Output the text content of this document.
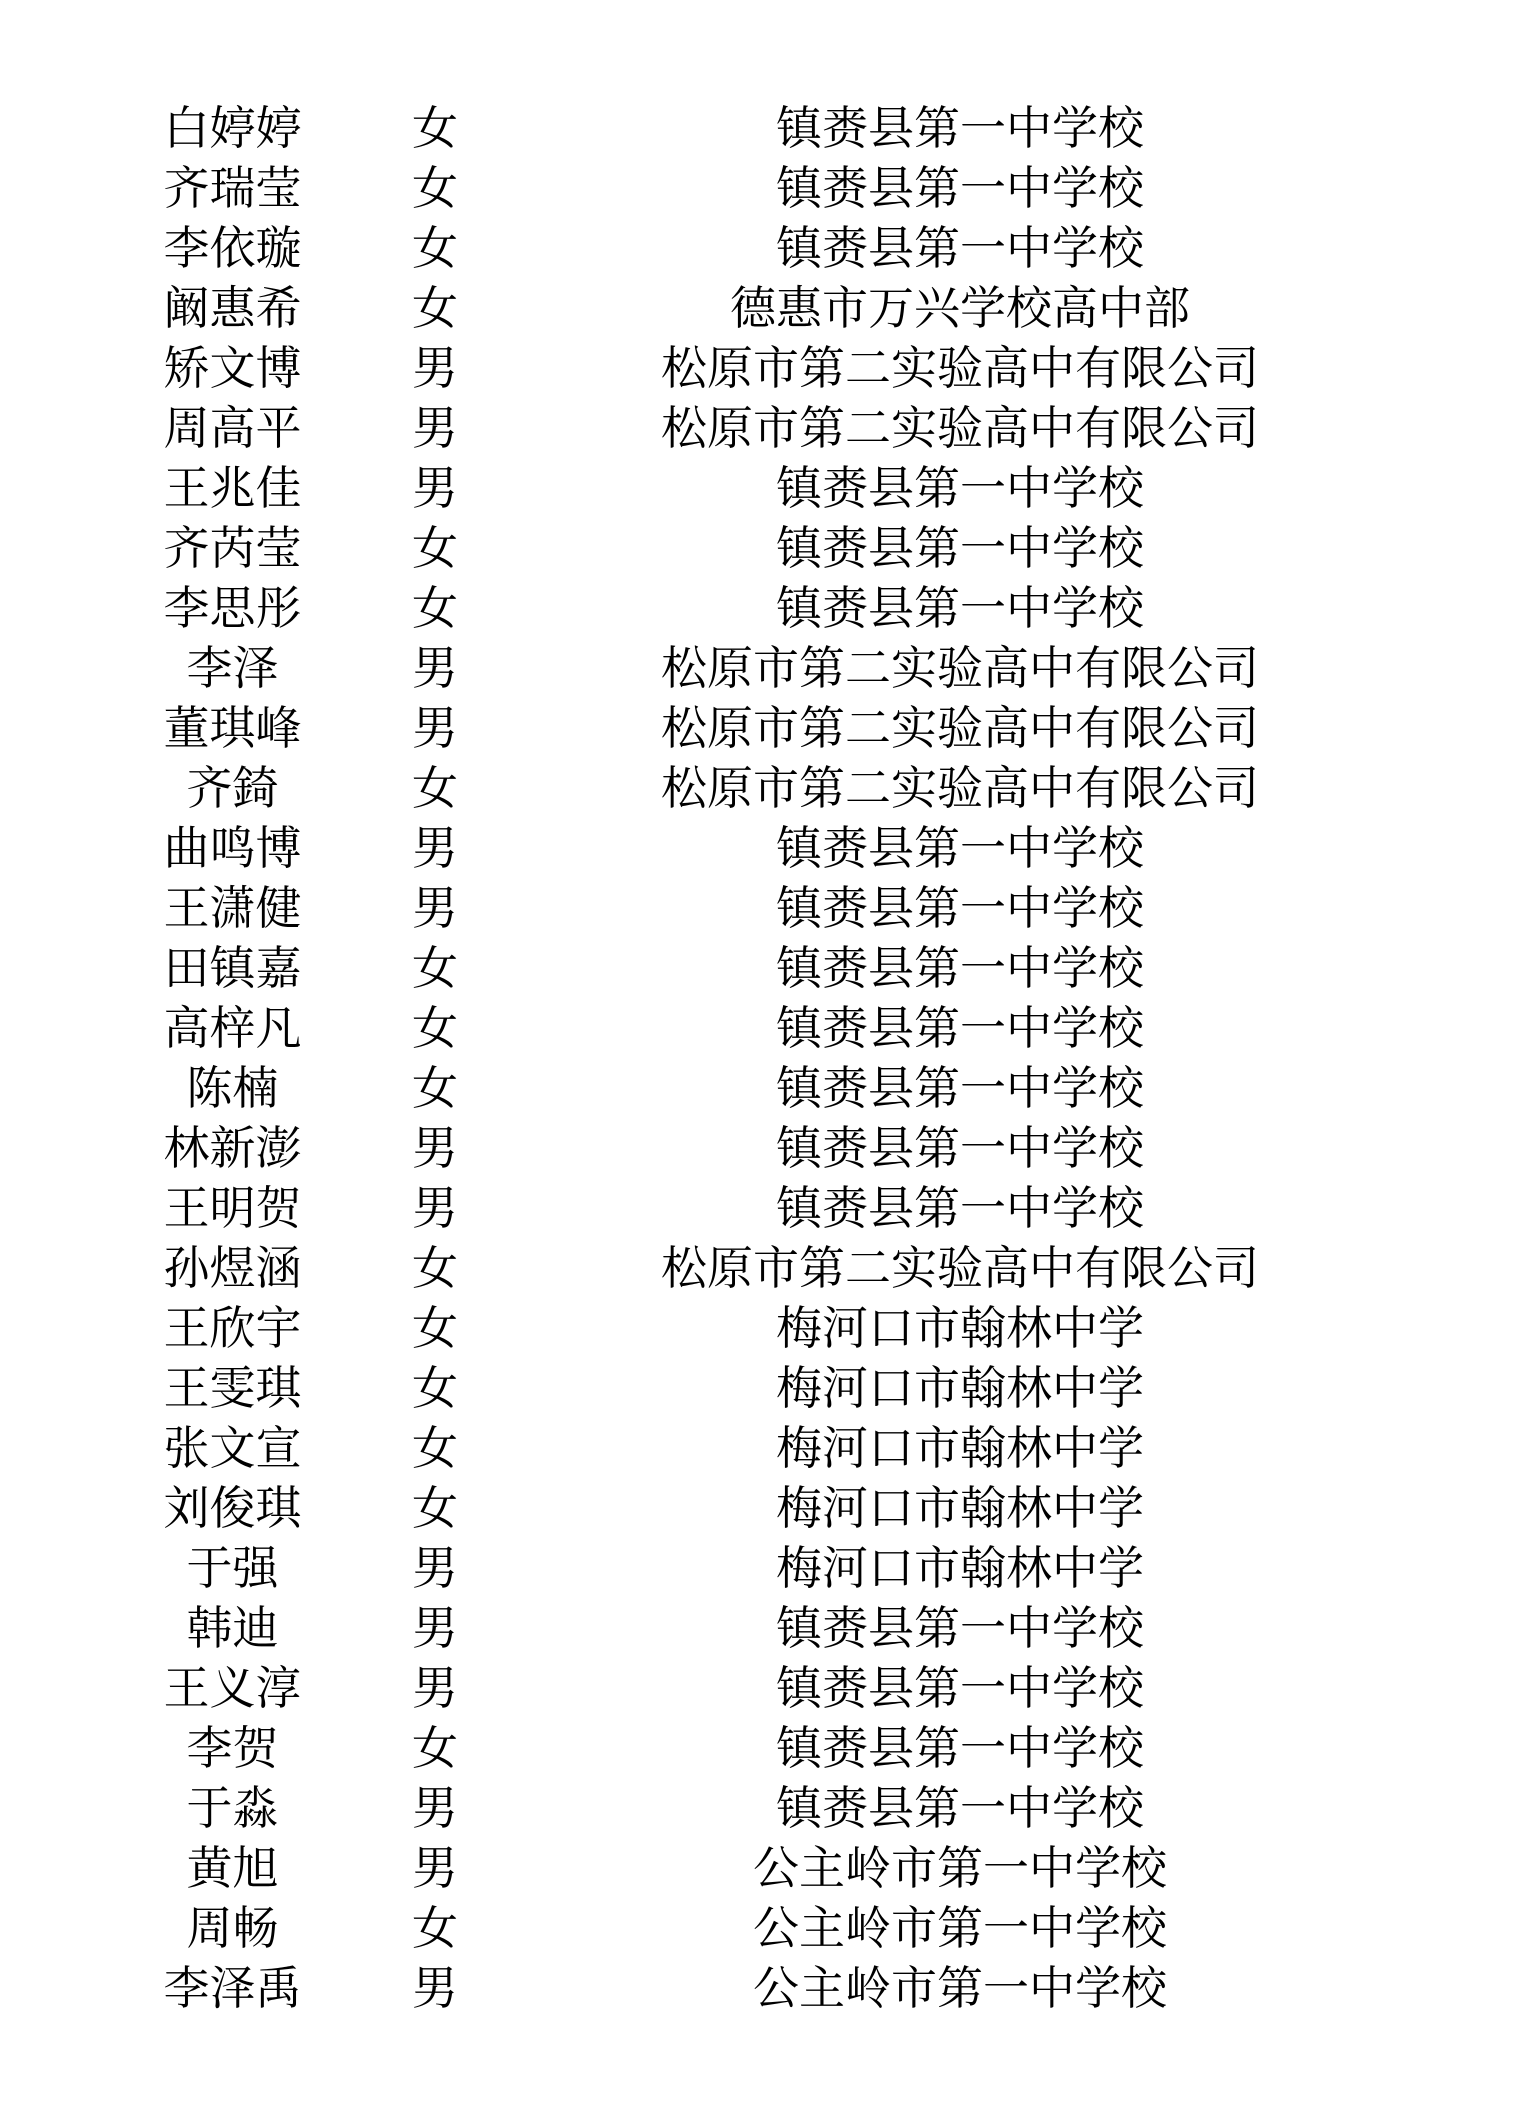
白婷婷	女	镇赉县第一中学校
齐瑞莹	女	镇赉县第一中学校
李依璇	女	镇赉县第一中学校
阚惠希	女	德惠市万兴学校高中部
矫文博	男	松原市第二实验高中有限公司
周高平	男	松原市第二实验高中有限公司
王兆佳	男	镇赉县第一中学校
齐芮莹	女	镇赉县第一中学校
李思彤	女	镇赉县第一中学校
李泽	男	松原市第二实验高中有限公司
董琪峰	男	松原市第二实验高中有限公司
齐錡	女	松原市第二实验高中有限公司
曲鸣博	男	镇赉县第一中学校
王潇健	男	镇赉县第一中学校
田镇嘉	女	镇赉县第一中学校
高梓凡	女	镇赉县第一中学校
陈楠	女	镇赉县第一中学校
林新澎	男	镇赉县第一中学校
王明贺	男	镇赉县第一中学校
孙煜涵	女	松原市第二实验高中有限公司
王欣宇	女	梅河口市翰林中学
王雯琪	女	梅河口市翰林中学
张文宣	女	梅河口市翰林中学
刘俊琪	女	梅河口市翰林中学
于强	男	梅河口市翰林中学
韩迪	男	镇赉县第一中学校
王义淳	男	镇赉县第一中学校
李贺	女	镇赉县第一中学校
于淼	男	镇赉县第一中学校
黄旭	男	公主岭市第一中学校
周畅	女	公主岭市第一中学校
李泽禹	男	公主岭市第一中学校
